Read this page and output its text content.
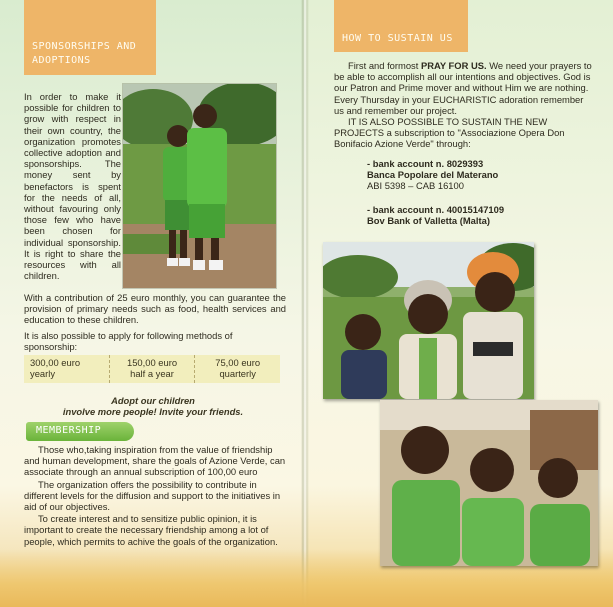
SPONSORSHIPS AND ADOPTIONS
In order to make it possible for children to grow with respect in their own country, the organization promotes collective adoption and sponsorships. The money sent by benefactors is spent for the needs of all, without favouring only those few who have been chosen for individual sponsorship. It is right to share the resources with all children.
With a contribution of 25 euro monthly, you can guarantee the provision of primary needs such as food, health services and education to these children.
It is also possible to apply for following methods of sponsorship:
300,00 euro
yearly
150,00 euro
half a year
75,00 euro
quarterly
Adopt our children
involve more people! Invite your friends.
MEMBERSHIP

Those who,taking inspiration from the value of friendship and human development, share the goals of Azione Verde, can associate through an annual subscription of 100,00 euro

The organization offers the possibility to contribute in different levels for the diffusion and support to the initiatives in aid of our objectives.

To create interest and to sensitize public opinion, it is important to create the necessary friendship among a lot of people, which permits to achive the goals of the organization.

HOW TO SUSTAIN US

First and formost PRAY FOR US. We need your prayers to be able to accomplish all our intentions and objectives. God is our Patron and Prime mover and without Him we are nothing. Every Thursday in your EUCHARISTIC adoration remember us and remember our project.

IT IS ALSO POSSIBLE TO SUSTAIN THE NEW PROJECTS a subscription to "Associazione Opera Don Bonifacio Azione Verde" through:

- bank account n. 8029393
Banca Popolare del Materano
ABI 5398 – CAB 16100
- bank account n. 40015147109
Bov Bank of Valletta (Malta)
